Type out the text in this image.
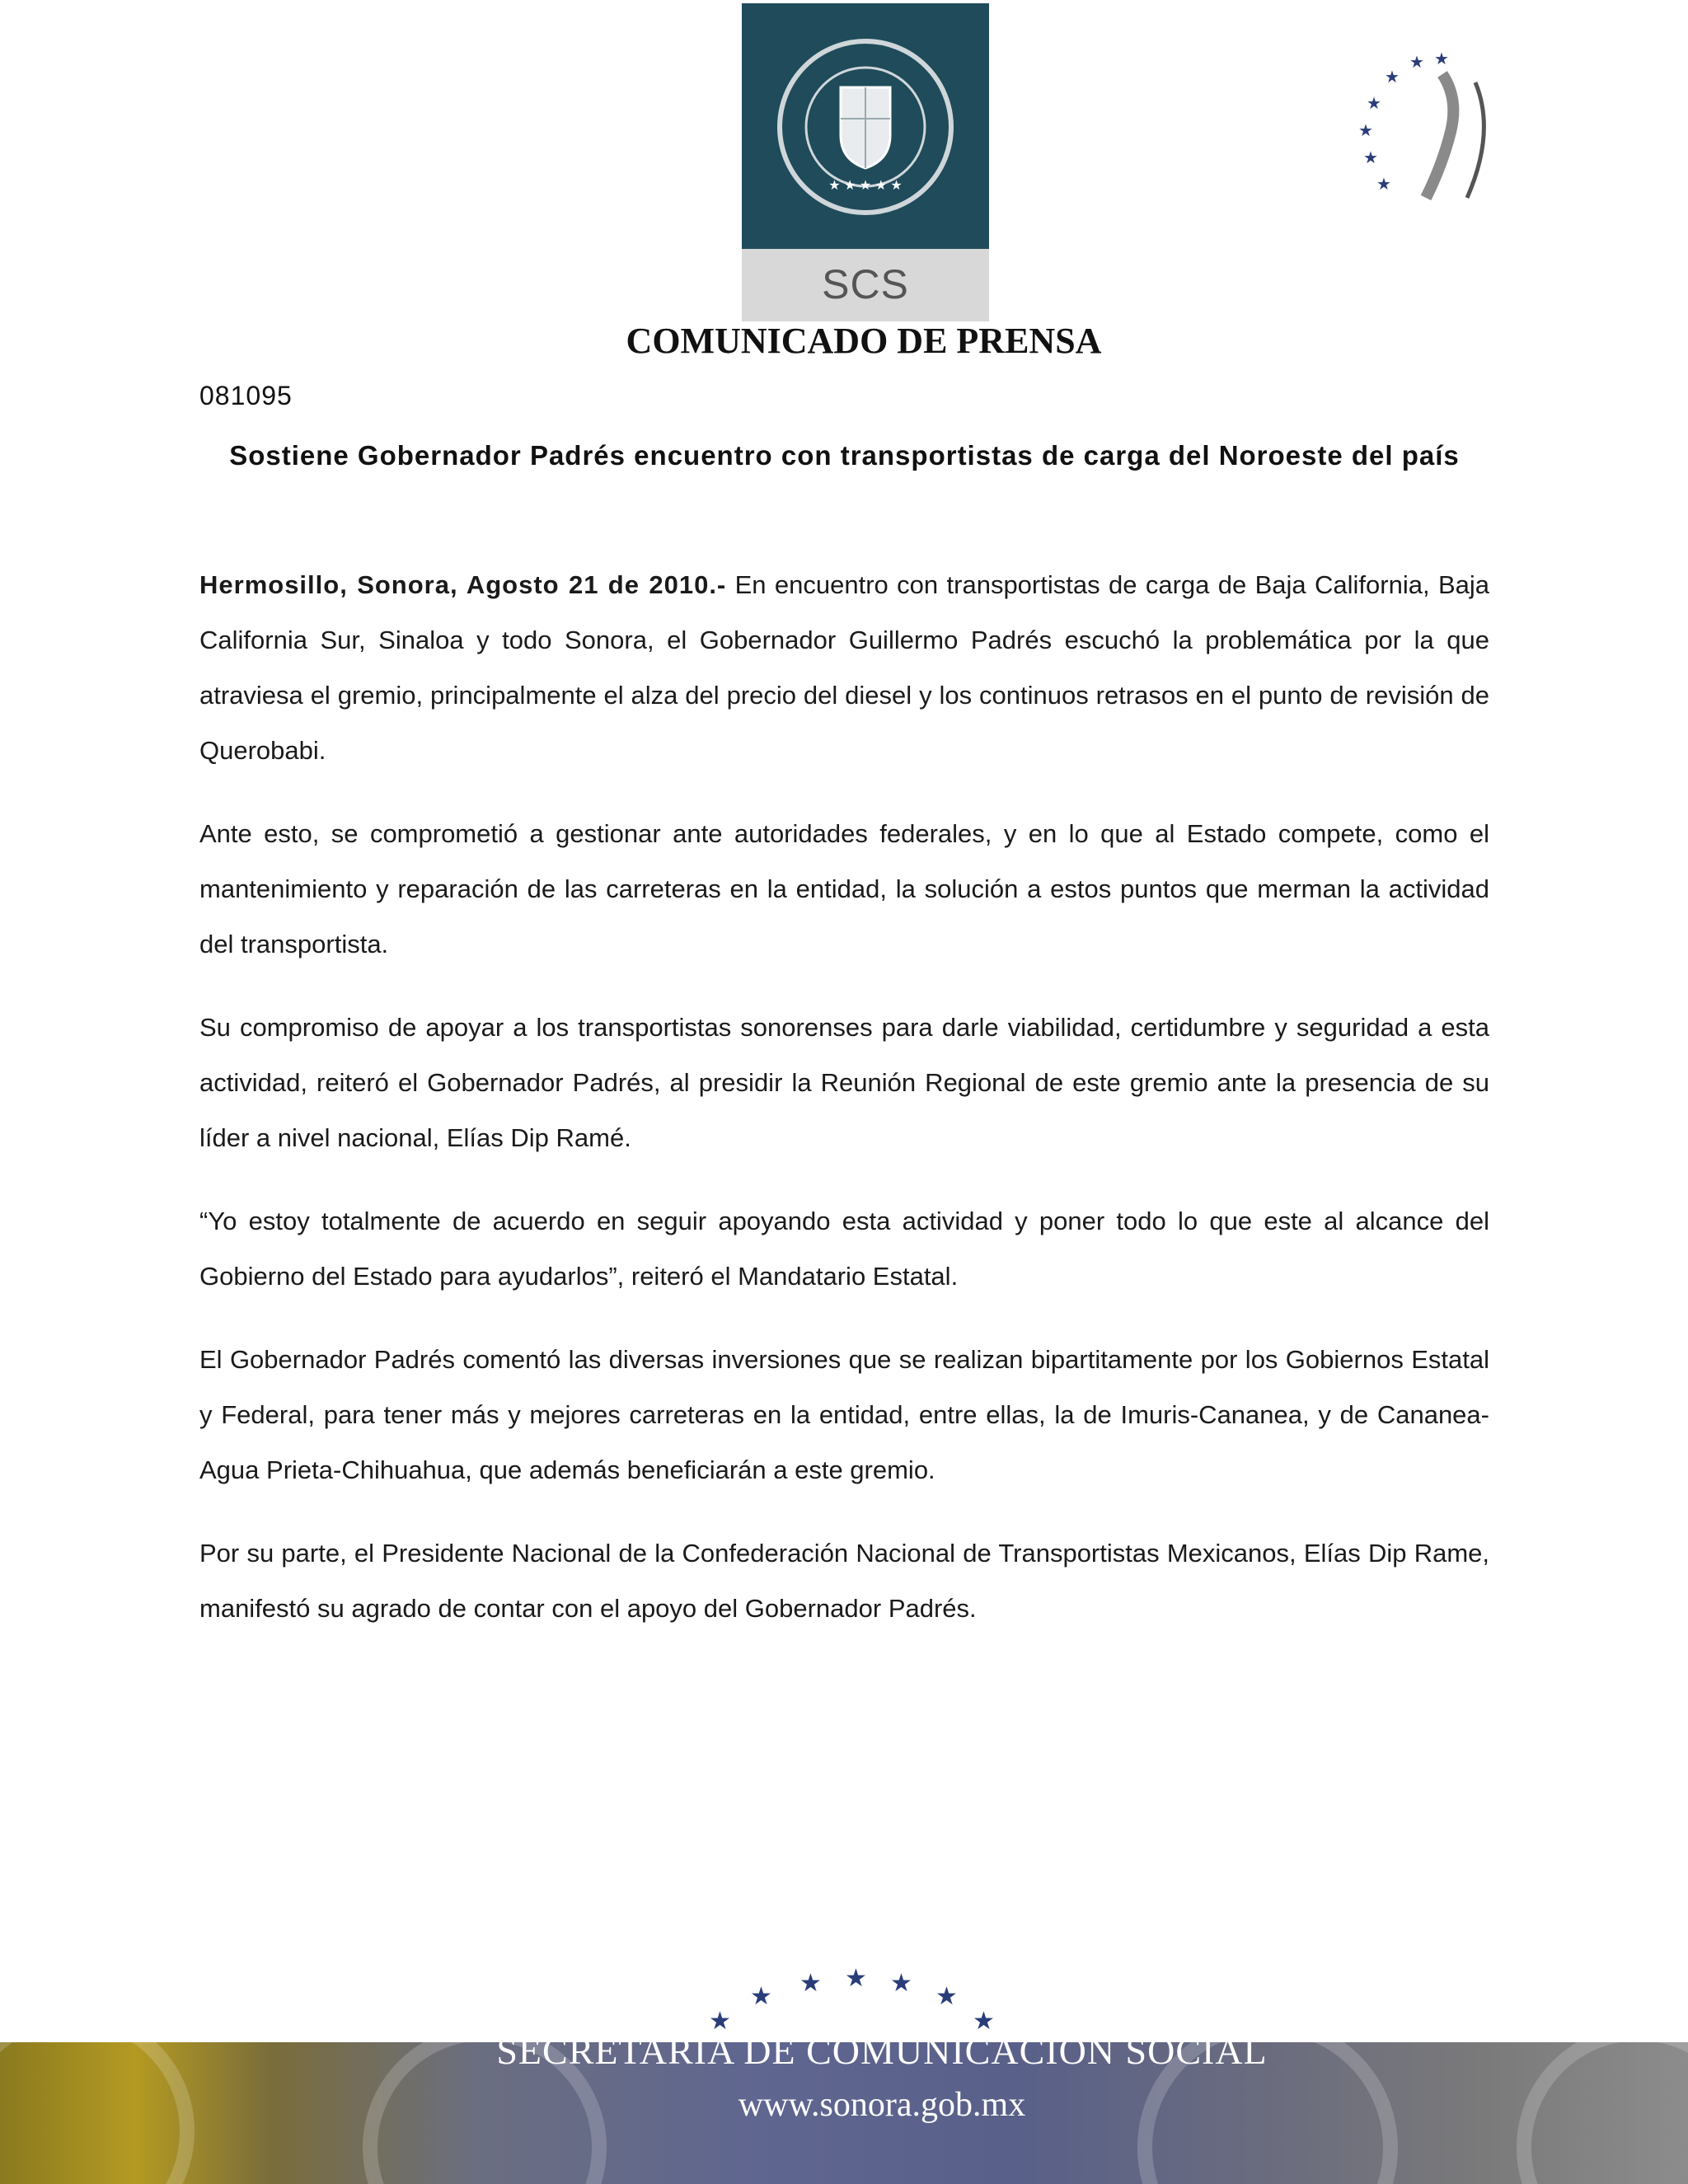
★ ★ ★ ★ ★
SCS
★
★ ★
★
★
★
★
COMUNICADO DE PRENSA
081095
Sostiene Gobernador Padrés encuentro con transportistas de carga del Noroeste del país

Hermosillo, Sonora, Agosto 21 de 2010.- En encuentro con transportistas de carga de Baja California, Baja California Sur, Sinaloa y todo Sonora, el Gobernador Guillermo Padrés escuchó la problemática por la que atraviesa el gremio, principalmente el alza del precio del diesel y los continuos retrasos en el punto de revisión de Querobabi.

Ante esto, se comprometió a gestionar ante autoridades federales, y en lo que al Estado compete, como el mantenimiento y reparación de las carreteras en la entidad, la solución a estos puntos que merman la actividad del transportista.

Su compromiso de apoyar a los transportistas sonorenses para darle viabilidad, certidumbre y seguridad a esta actividad, reiteró el Gobernador Padrés, al presidir la Reunión Regional de este gremio ante la presencia de su líder a nivel nacional, Elías Dip Ramé.

“Yo estoy totalmente de acuerdo en seguir apoyando esta actividad y poner todo lo que este al alcance del Gobierno del Estado para ayudarlos”, reiteró el Mandatario Estatal.

El Gobernador Padrés comentó las diversas inversiones que se realizan bipartitamente por los Gobiernos Estatal y Federal, para tener más y mejores carreteras en la entidad, entre ellas, la de Imuris-Cananea, y de Cananea-Agua Prieta-Chihuahua, que además beneficiarán a este gremio.

Por su parte, el Presidente Nacional de la Confederación Nacional de Transportistas Mexicanos, Elías Dip Rame, manifestó su agrado de contar con el apoyo del Gobernador Padrés.

★
★ ★ ★ ★ ★
★
SECRETARIA DE COMUNICACION SOCIAL
www.sonora.gob.mx
